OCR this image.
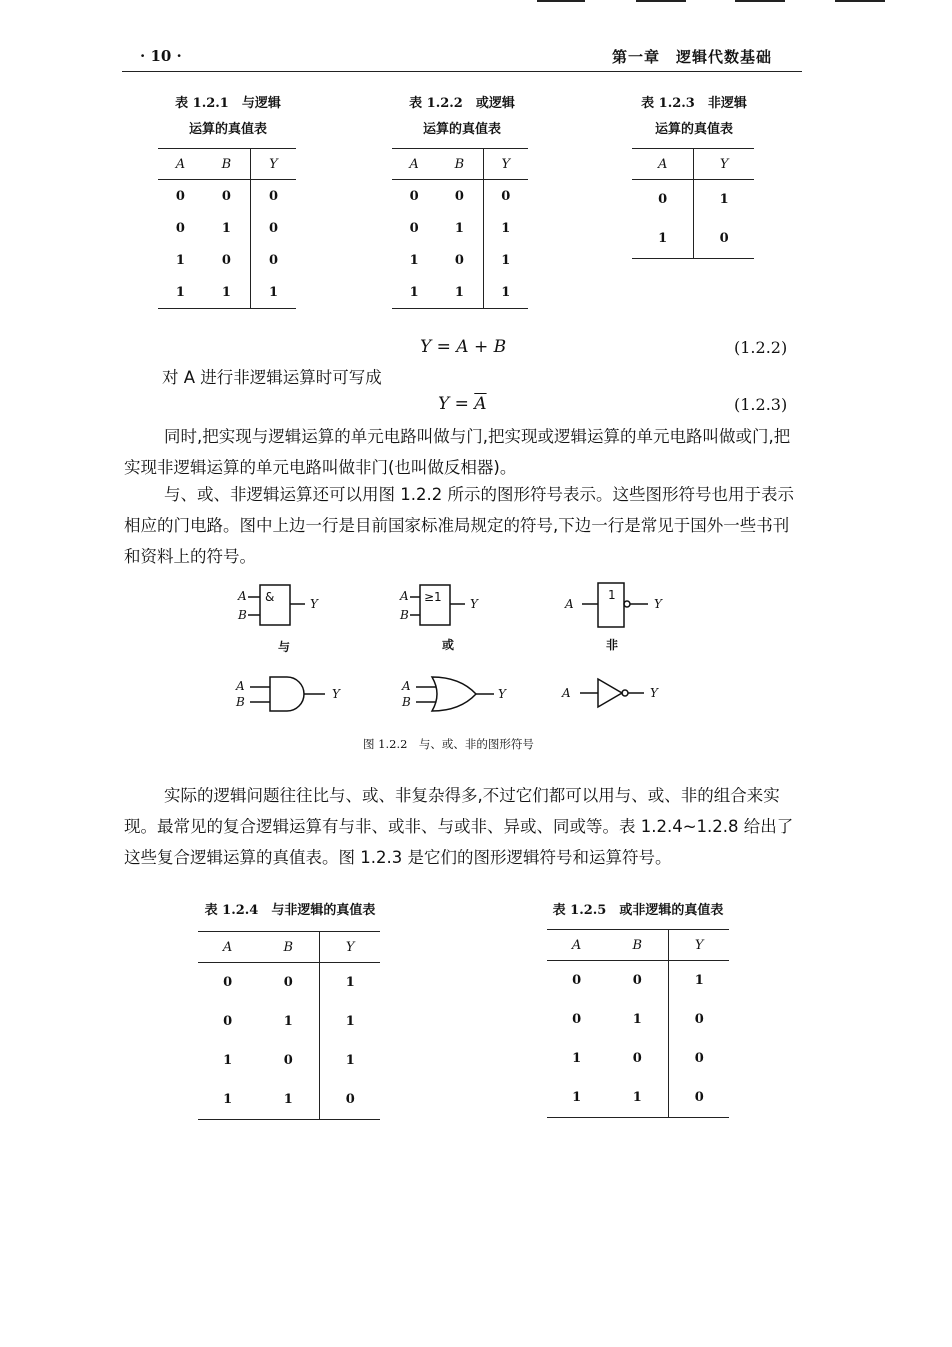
· 10 ·	第一章　逻辑代数基础
表 1.2.1　与逻辑
运算的真值表
A	B	Y
0	0	0
0	1	0
1	0	0
1	1	1
表 1.2.2　或逻辑
运算的真值表
A	B	Y
0	0	0
0	1	1
1	0	1
1	1	1
表 1.2.3　非逻辑
运算的真值表
A	Y
0	1
1	0
Y = A + B	(1.2.2)
对 A 进行非逻辑运算时可写成
$Y = \overline{A}$	(1.2.3)

同时,把实现与逻辑运算的单元电路叫做与门,把实现或逻辑运算的单元电路叫做或门,把实现非逻辑运算的单元电路叫做非门(也叫做反相器)。

与、或、非逻辑运算还可以用图 1.2.2 所示的图形符号表示。这些图形符号也用于表示相应的门电路。图中上边一行是目前国家标准局规定的符号,下边一行是常见于国外一些书刊和资料上的符号。

A
B
Y
A
B
Y	A	Y
A
B
Y
A
B
Y	A	Y
&	≥1	1
与	或	非
图 1.2.2　与、或、非的图形符号

实际的逻辑问题往往比与、或、非复杂得多,不过它们都可以用与、或、非的组合来实现。最常见的复合逻辑运算有与非、或非、与或非、异或、同或等。表 1.2.4~1.2.8 给出了这些复合逻辑运算的真值表。图 1.2.3 是它们的图形逻辑符号和运算符号。

表 1.2.4　与非逻辑的真值表
A	B	Y
0	0	1
0	1	1
1	0	1
1	1	0
表 1.2.5　或非逻辑的真值表
A	B	Y
0	0	1
0	1	0
1	0	0
1	1	0
